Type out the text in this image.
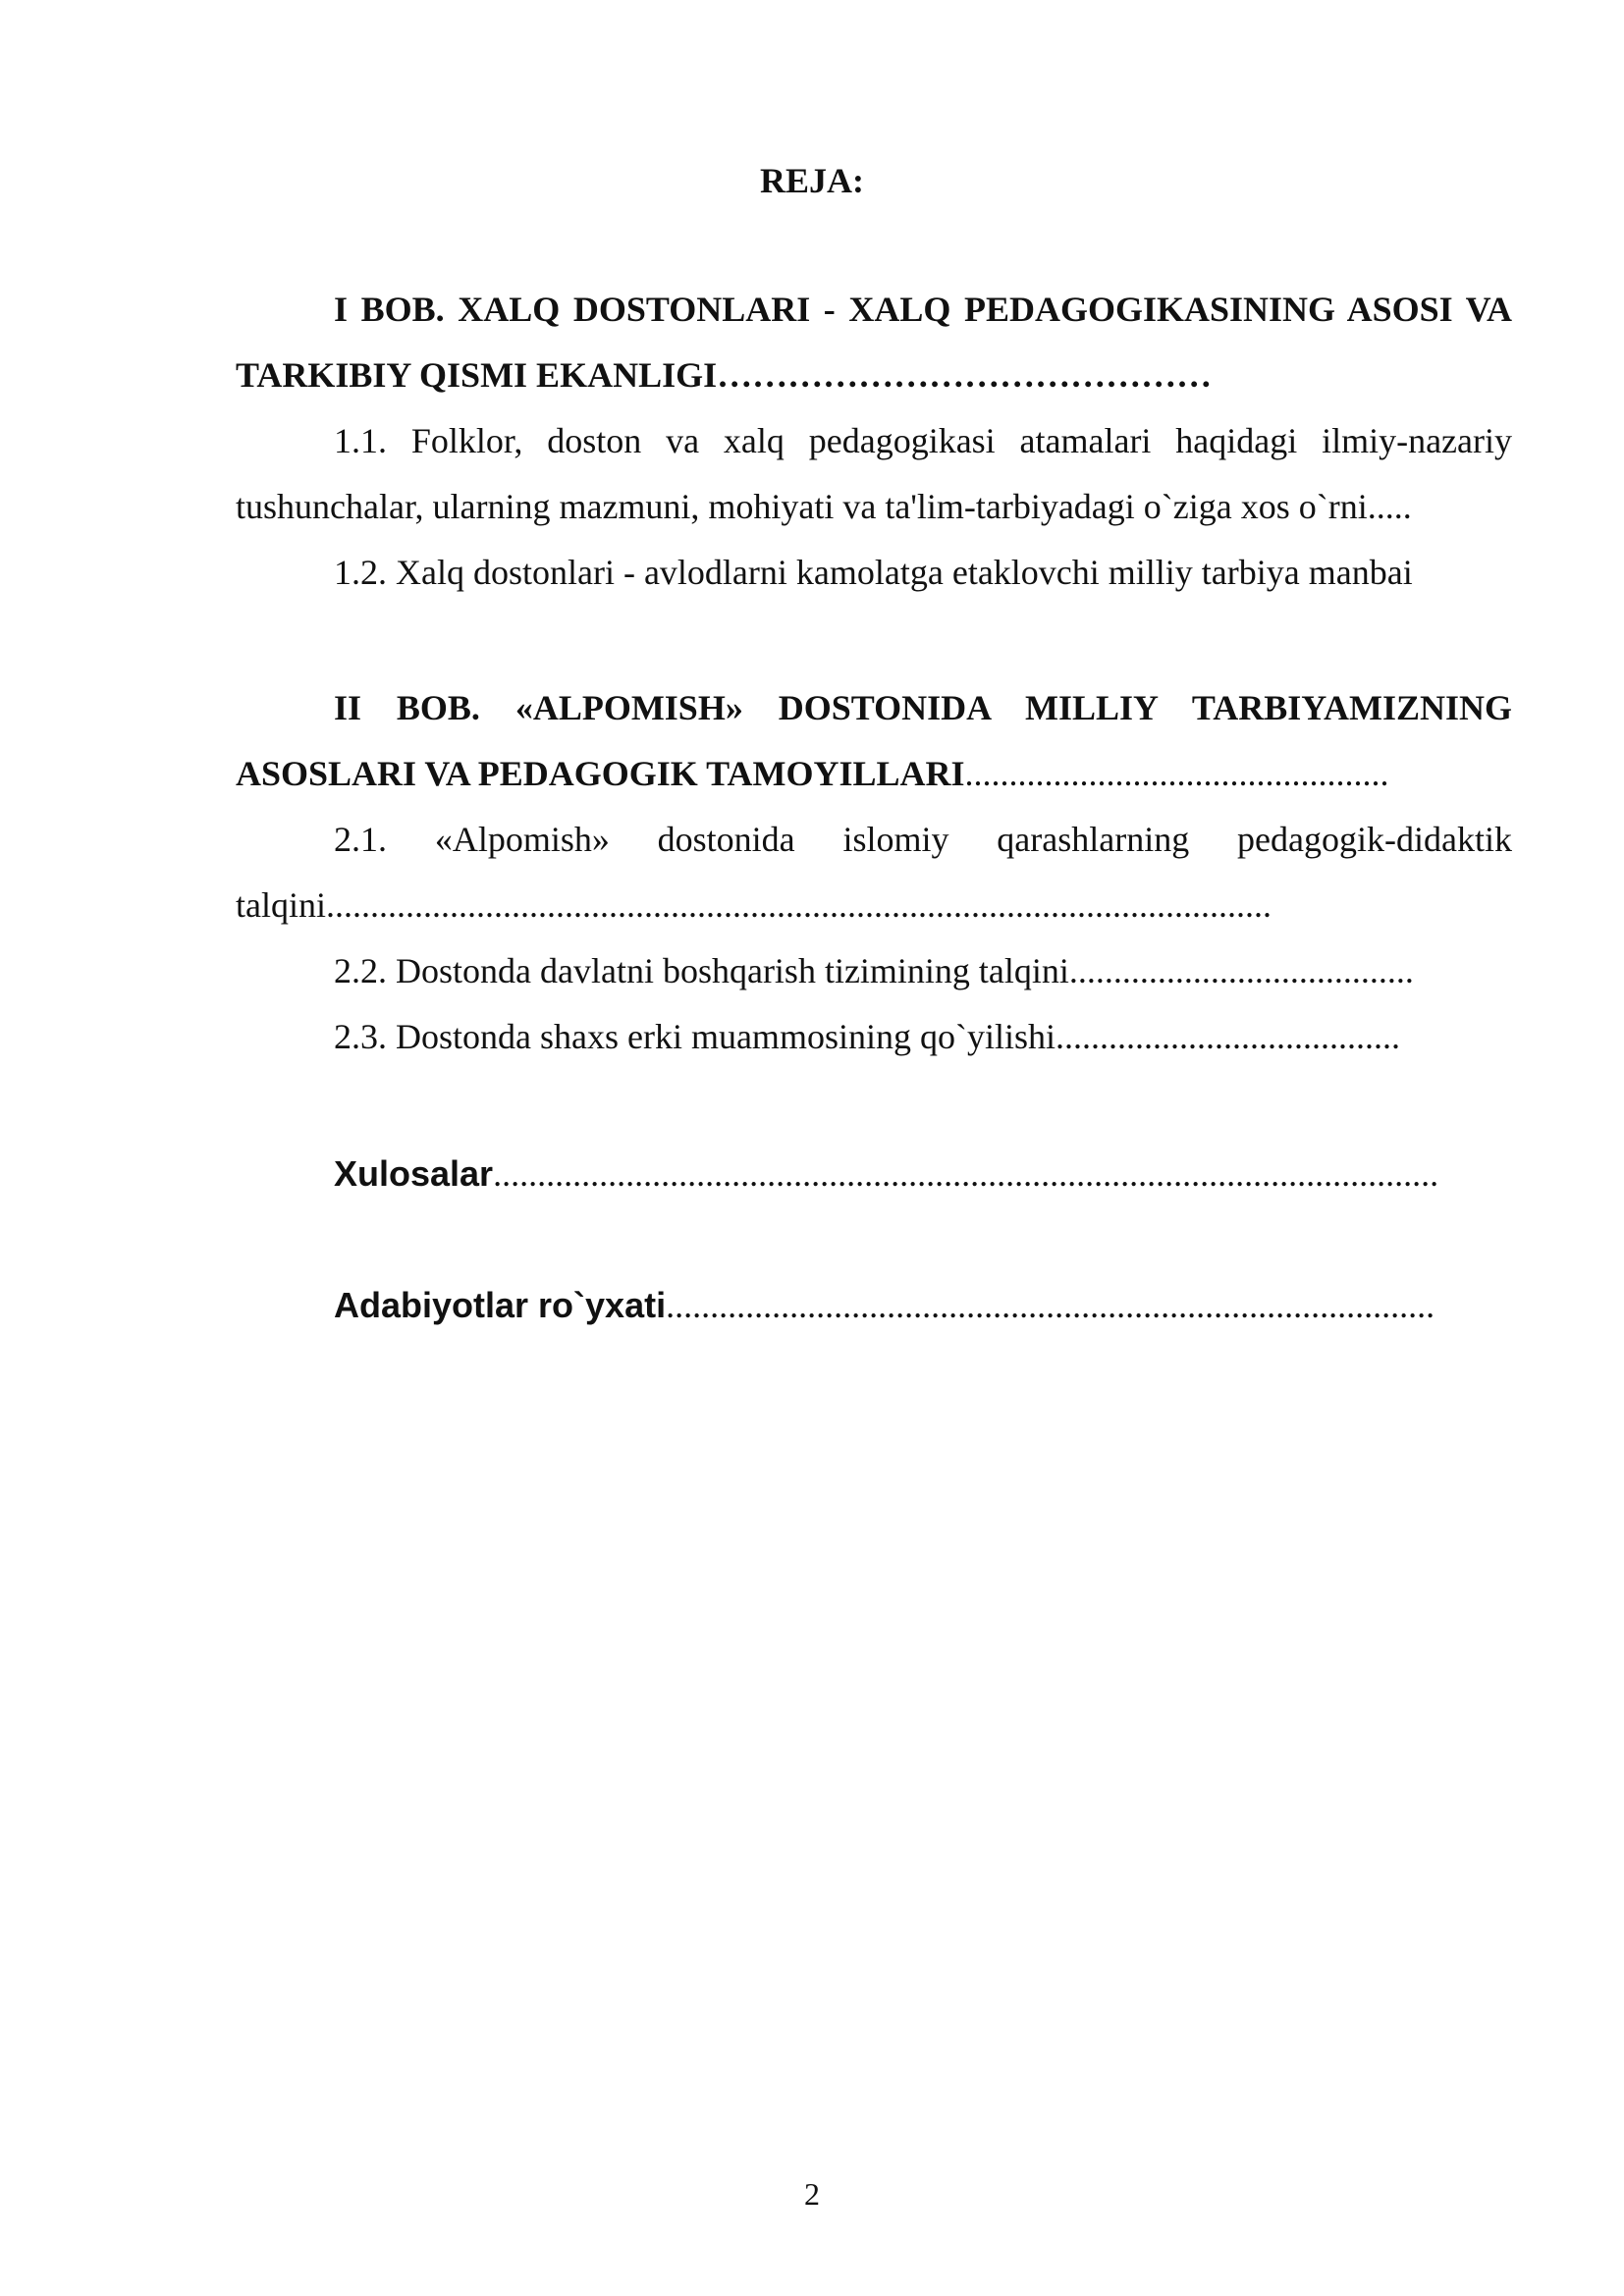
REJA:

I BOB. XALQ DOSTONLARI - XALQ PEDAGOGIKASINING ASOSI VA TARKIBIY QISMI EKANLIGI……………………………………

1.1. Folklor, doston va xalq pedagogikasi atamalari haqidagi ilmiy-nazariy tushunchalar, ularning mazmuni, mohiyati va ta'lim-tarbiyadagi o`ziga xos o`rni.....

1.2. Xalq dostonlari - avlodlarni kamolatga etaklovchi milliy tarbiya manbai

II BOB. «ALPOMISH» DOSTONIDA MILLIY TARBIYAMIZNING ASOSLARI VA PEDAGOGIK TAMOYILLARI................................................

2.1. «Alpomish» dostonida islomiy qarashlarning pedagogik-didaktik talqini...........................................................................................................

2.2. Dostonda davlatni boshqarish tizimining talqini.......................................

2.3. Dostonda shaxs erki muammosining qo`yilishi.......................................

Xulosalar...........................................................................................................

Adabiyotlar ro`yxati.......................................................................................

2
